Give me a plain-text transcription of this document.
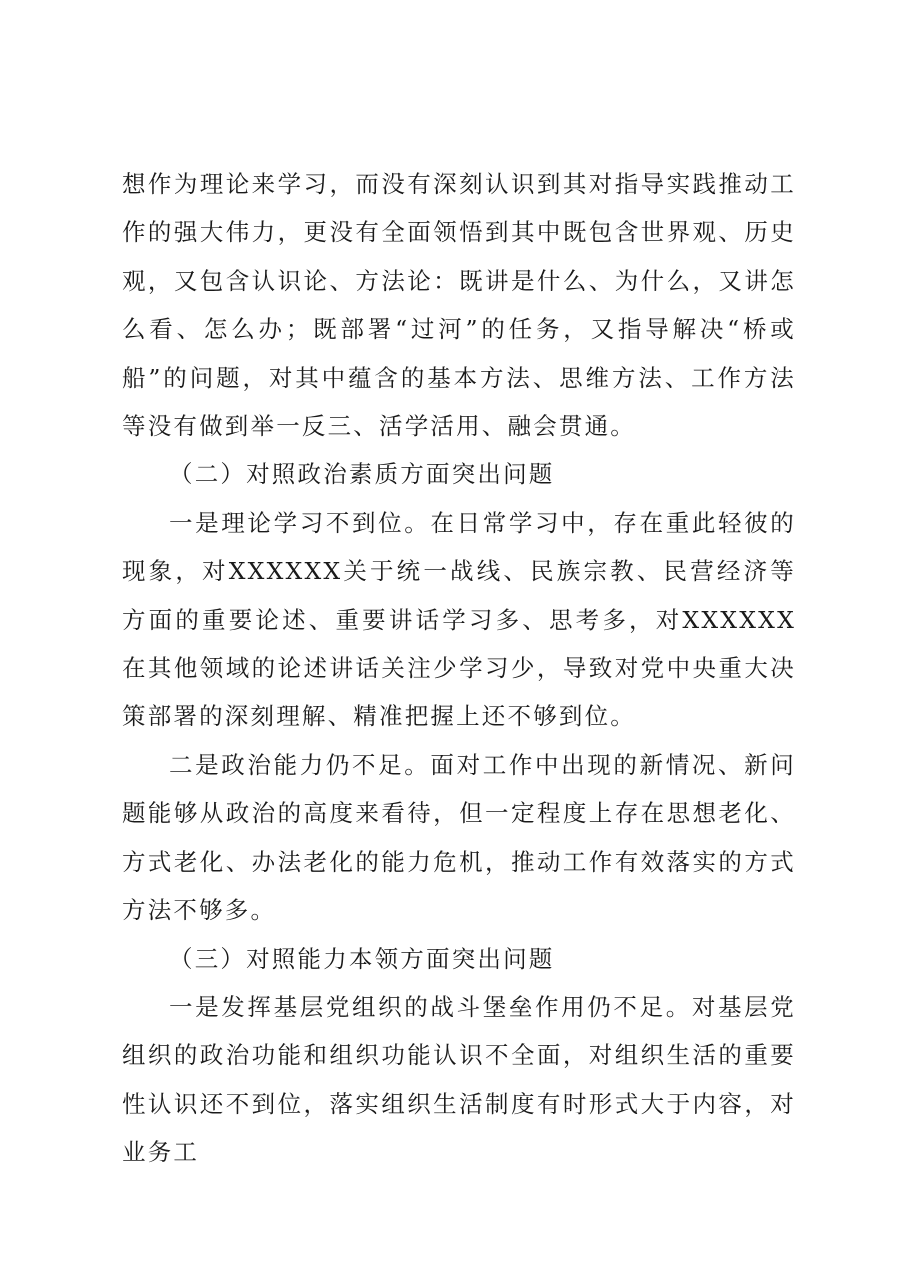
想作为理论来学习，而没有深刻认识到其对指导实践推动工作的强大伟力，更没有全面领悟到其中既包含世界观、历史观，又包含认识论、方法论：既讲是什么、为什么，又讲怎么看、怎么办；既部署“过河”的任务，又指导解决“桥或船”的问题，对其中蕴含的基本方法、思维方法、工作方法等没有做到举一反三、活学活用、融会贯通。

（二）对照政治素质方面突出问题

一是理论学习不到位。在日常学习中，存在重此轻彼的现象，对XXXXXX关于统一战线、民族宗教、民营经济等方面的重要论述、重要讲话学习多、思考多，对XXXXXX在其他领域的论述讲话关注少学习少，导致对党中央重大决策部署的深刻理解、精准把握上还不够到位。

二是政治能力仍不足。面对工作中出现的新情况、新问题能够从政治的高度来看待，但一定程度上存在思想老化、方式老化、办法老化的能力危机，推动工作有效落实的方式方法不够多。

（三）对照能力本领方面突出问题

一是发挥基层党组织的战斗堡垒作用仍不足。对基层党组织的政治功能和组织功能认识不全面，对组织生活的重要性认识还不到位，落实组织生活制度有时形式大于内容，对业务工
